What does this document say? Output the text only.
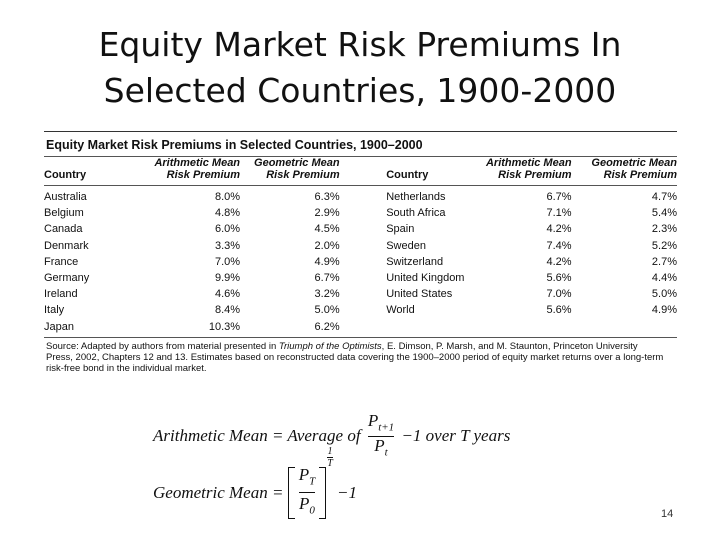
Equity Market Risk Premiums In
Selected Countries, 1900-2000
Equity Market Risk Premiums in Selected Countries, 1900–2000
	Arithmetic Mean	Geometric Mean			Arithmetic Mean	Geometric Mean
Country	Risk Premium	Risk Premium		Country	Risk Premium	Risk Premium
Australia	8.0%	6.3%		Netherlands	6.7%	4.7%
Belgium	4.8%	2.9%		South Africa	7.1%	5.4%
Canada	6.0%	4.5%		Spain	4.2%	2.3%
Denmark	3.3%	2.0%		Sweden	7.4%	5.2%
France	7.0%	4.9%		Switzerland	4.2%	2.7%
Germany	9.9%	6.7%		United Kingdom	5.6%	4.4%
Ireland	4.6%	3.2%		United States	7.0%	5.0%
Italy	8.4%	5.0%		World	5.6%	4.9%
Japan	10.3%	6.2%				
Source: Adapted by authors from material presented in Triumph of the Optimists, E. Dimson, P. Marsh, and M. Staunton, Princeton University Press, 2002, Chapters 12 and 13. Estimates based on reconstructed data covering the 1900–2000 period of equity market returns over a long-term risk-free bond in the individual market.
Arithmetic Mean = Average of $\frac{P_{t+1}}{P_t} -1$ over T years
Geometric Mean = $\frac{P_T}{P_0}$
$\frac{1}{T}$
−1
14
